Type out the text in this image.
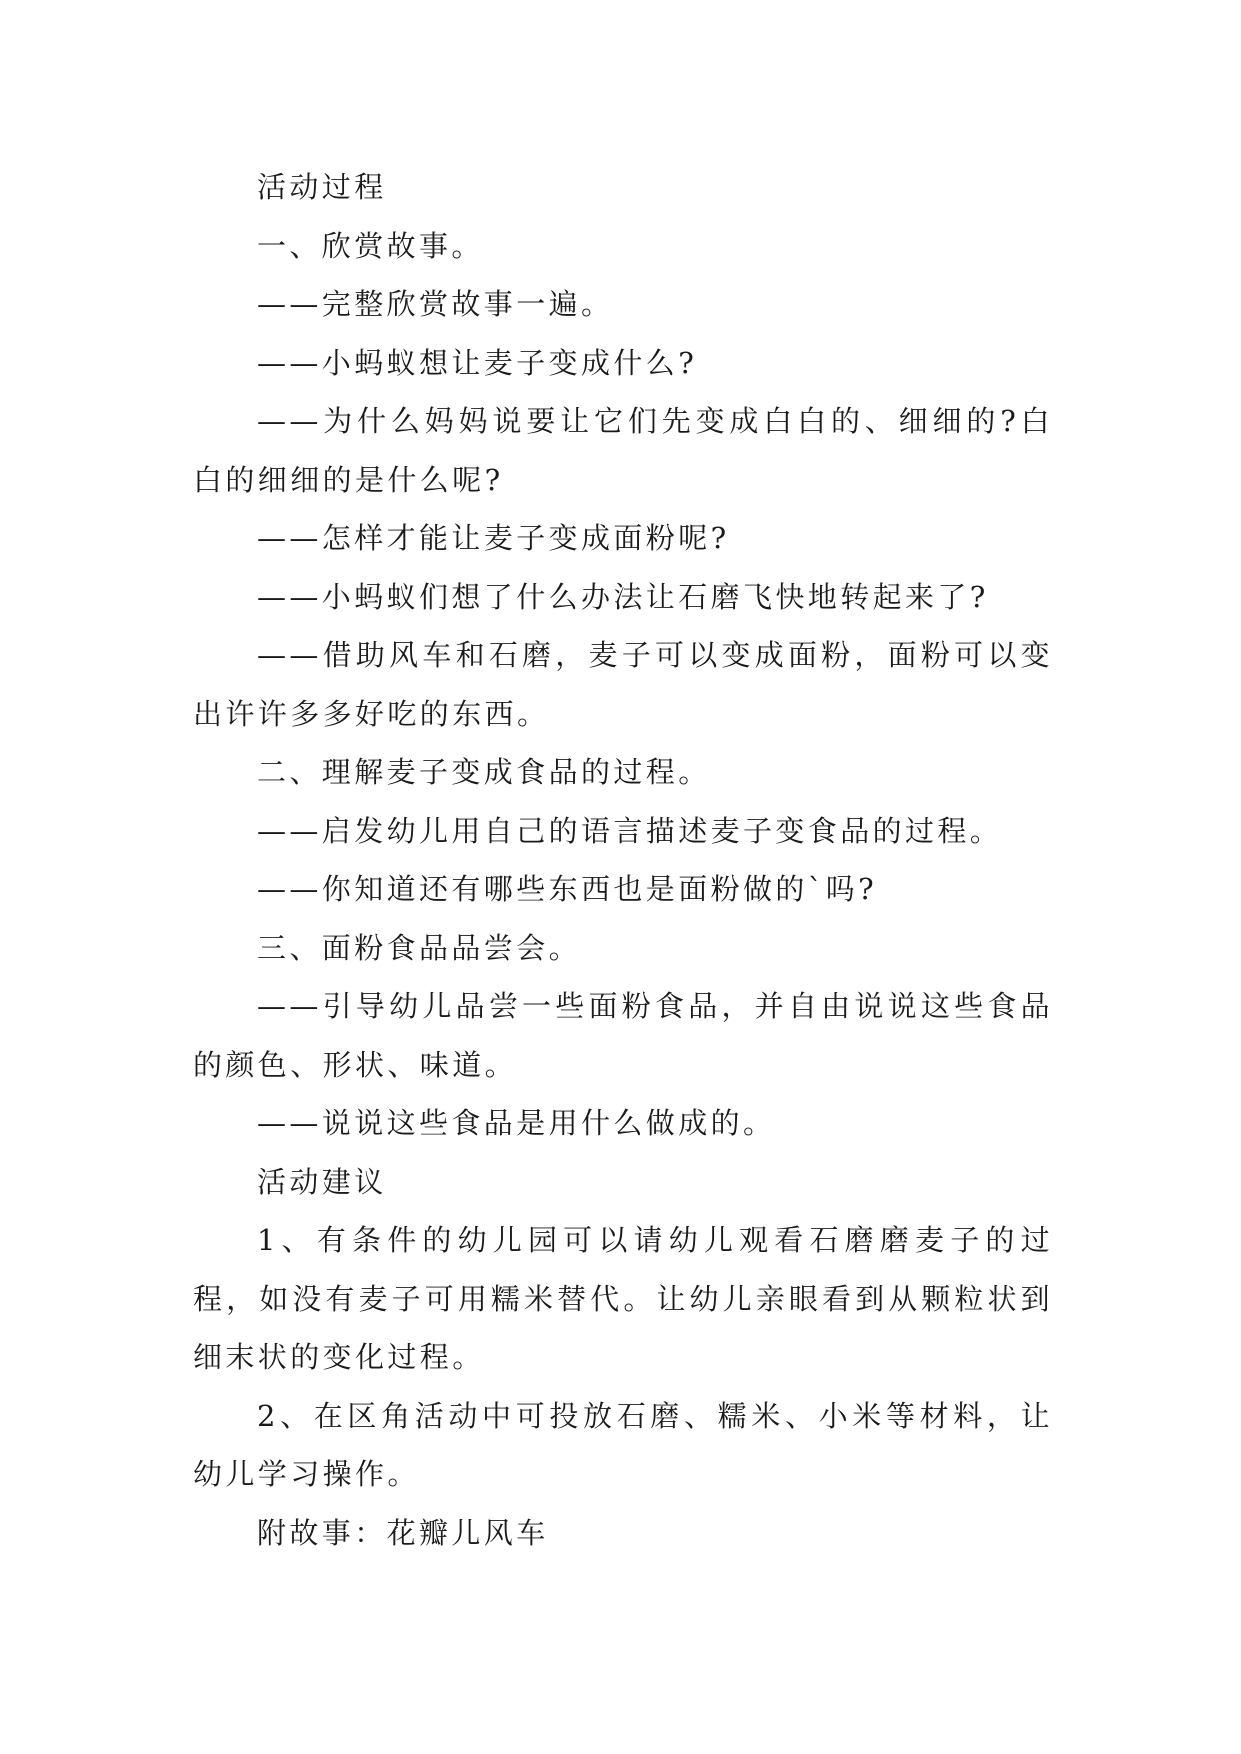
活动过程

一、欣赏故事。

——完整欣赏故事一遍。

——小蚂蚁想让麦子变成什么?

——为什么妈妈说要让它们先变成白白的、细细的?白白的细细的是什么呢?

——怎样才能让麦子变成面粉呢?

——小蚂蚁们想了什么办法让石磨飞快地转起来了?

——借助风车和石磨，麦子可以变成面粉，面粉可以变出许许多多好吃的东西。

二、理解麦子变成食品的过程。

——启发幼儿用自己的语言描述麦子变食品的过程。

——你知道还有哪些东西也是面粉做的`吗?

三、面粉食品品尝会。

——引导幼儿品尝一些面粉食品，并自由说说这些食品的颜色、形状、味道。

——说说这些食品是用什么做成的。

活动建议

1、有条件的幼儿园可以请幼儿观看石磨磨麦子的过程，如没有麦子可用糯米替代。让幼儿亲眼看到从颗粒状到细末状的变化过程。

2、在区角活动中可投放石磨、糯米、小米等材料，让幼儿学习操作。

附故事：花瓣儿风车
